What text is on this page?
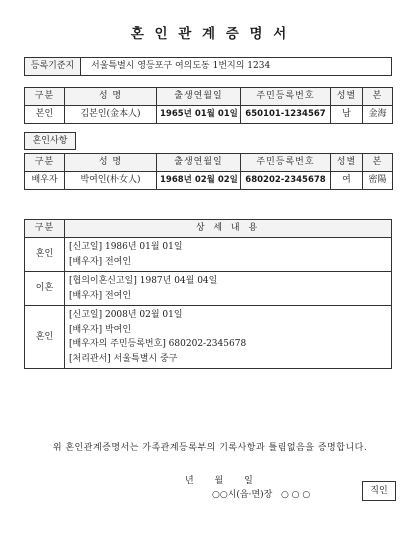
혼 인 관 계 증 명 서
등록기준지	서울특별시 영등포구 여의도동 1번지의 1234
구분	성 명	출생연월일	주민등록번호	성별	본
본인	김본인(金本人)	1965년 01월 01일	650101-1234567	남	金海
혼인사항
구분	성 명	출생연월일	주민등록번호	성별	본
배우자	박여인(朴女人)	1968년 02월 02일	680202-2345678	여	密陽
구분	상 세 내 용
혼인	[신고일] 1986년 01월 01일
[배우자] 전여인

이혼	[협의이혼신고일] 1987년 04월 04일
[배우자] 전여인

혼인	[신고일] 2008년 02월 01일
[배우자] 박여인
[배우자의 주민등록번호] 680202-2345678
[처리관서] 서울특별시 중구
위 혼인관계증명서는 가족관계등록부의 기록사항과 틀림없음을 증명합니다.
년 월 일
○○시(읍·면)장   ○ ○ ○	직인
